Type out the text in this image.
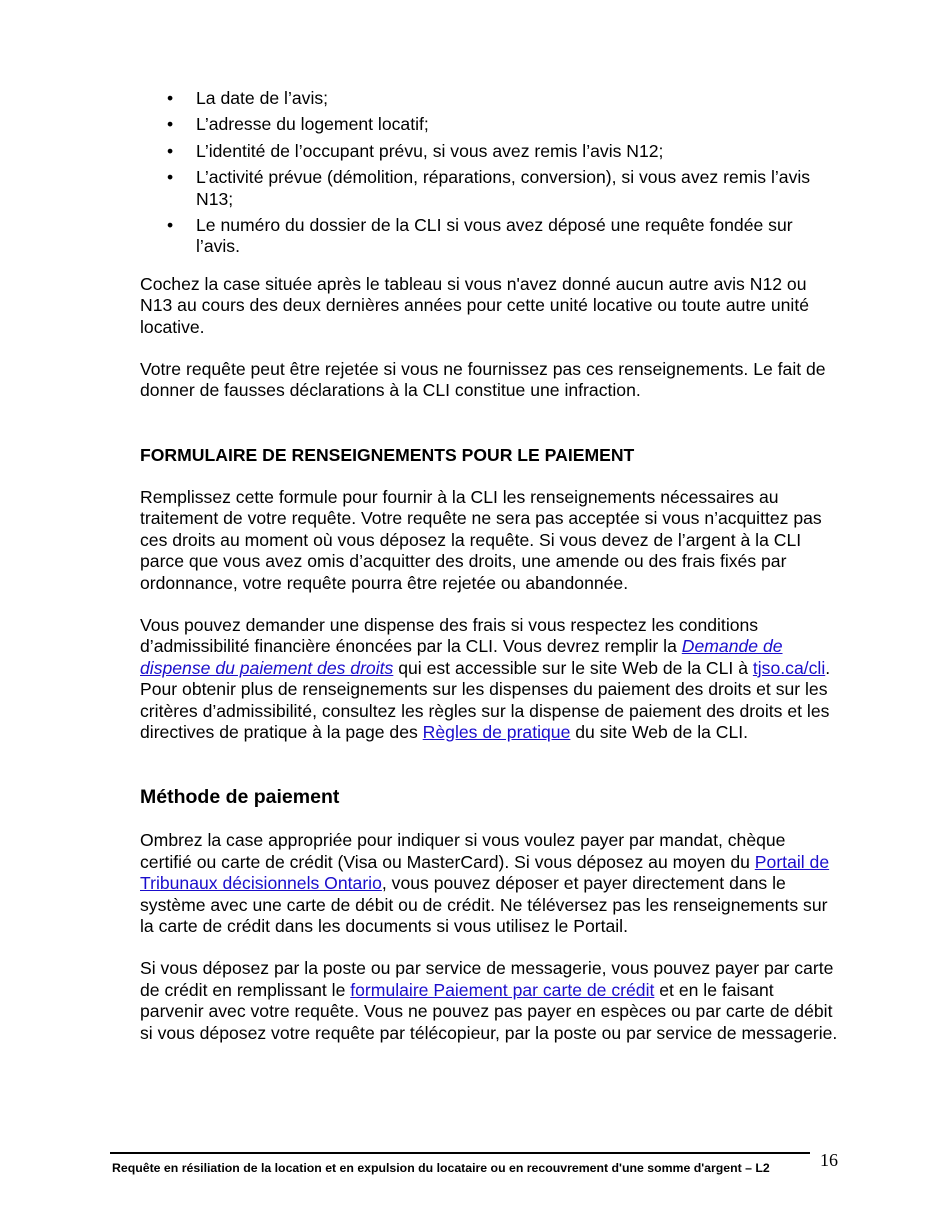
• La date de l’avis;
• L’adresse du logement locatif;
• L’identité de l’occupant prévu, si vous avez remis l’avis N12;
• L’activité prévue (démolition, réparations, conversion), si vous avez remis l’avis N13;
• Le numéro du dossier de la CLI si vous avez déposé une requête fondée sur l’avis.

Cochez la case située après le tableau si vous n'avez donné aucun autre avis N12 ou N13 au cours des deux dernières années pour cette unité locative ou toute autre unité locative.

Votre requête peut être rejetée si vous ne fournissez pas ces renseignements. Le fait de donner de fausses déclarations à la CLI constitue une infraction.

FORMULAIRE DE RENSEIGNEMENTS POUR LE PAIEMENT

Remplissez cette formule pour fournir à la CLI les renseignements nécessaires au traitement de votre requête. Votre requête ne sera pas acceptée si vous n’acquittez pas ces droits au moment où vous déposez la requête. Si vous devez de l’argent à la CLI parce que vous avez omis d’acquitter des droits, une amende ou des frais fixés par ordonnance, votre requête pourra être rejetée ou abandonnée.

Vous pouvez demander une dispense des frais si vous respectez les conditions d’admissibilité financière énoncées par la CLI. Vous devrez remplir la Demande de dispense du paiement des droits qui est accessible sur le site Web de la CLI à tjso.ca/cli. Pour obtenir plus de renseignements sur les dispenses du paiement des droits et sur les critères d’admissibilité, consultez les règles sur la dispense de paiement des droits et les directives de pratique à la page des Règles de pratique du site Web de la CLI.

Méthode de paiement

Ombrez la case appropriée pour indiquer si vous voulez payer par mandat, chèque certifié ou carte de crédit (Visa ou MasterCard). Si vous déposez au moyen du Portail de Tribunaux décisionnels Ontario, vous pouvez déposer et payer directement dans le système avec une carte de débit ou de crédit. Ne téléversez pas les renseignements sur la carte de crédit dans les documents si vous utilisez le Portail.

Si vous déposez par la poste ou par service de messagerie, vous pouvez payer par carte de crédit en remplissant le formulaire Paiement par carte de crédit et en le faisant parvenir avec votre requête. Vous ne pouvez pas payer en espèces ou par carte de débit si vous déposez votre requête par télécopieur, par la poste ou par service de messagerie.

Requête en résiliation de la location et en expulsion du locataire ou en recouvrement d'une somme d'argent – L2	16
